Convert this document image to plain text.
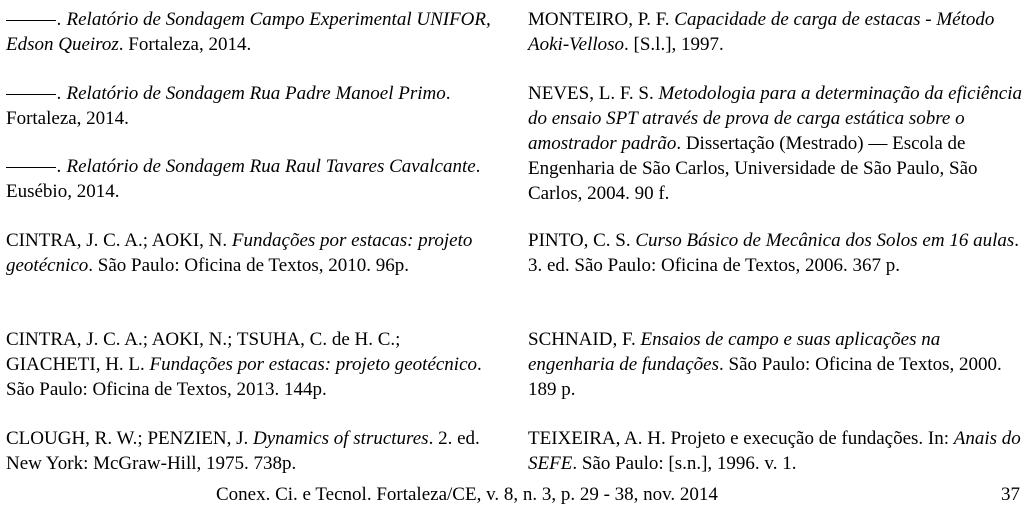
. Relatório de Sondagem Campo Experimental UNIFOR, Edson Queiroz. Fortaleza, 2014.

. Relatório de Sondagem Rua Padre Manoel Primo. Fortaleza, 2014.

. Relatório de Sondagem Rua Raul Tavares Cavalcante. Eusébio, 2014.

CINTRA, J. C. A.; AOKI, N. Fundações por estacas: projeto geotécnico. São Paulo: Oficina de Textos, 2010. 96p.

CINTRA, J. C. A.; AOKI, N.; TSUHA, C. de H. C.; GIACHETI, H. L. Fundações por estacas: projeto geotécnico. São Paulo: Oficina de Textos, 2013. 144p.

CLOUGH, R. W.; PENZIEN, J. Dynamics of structures. 2. ed. New York: McGraw-Hill, 1975. 738p.

MONTEIRO, P. F. Capacidade de carga de estacas - Método Aoki-Velloso. [S.l.], 1997.

NEVES, L. F. S. Metodologia para a determinação da eficiência do ensaio SPT através de prova de carga estática sobre o amostrador padrão. Dissertação (Mestrado) — Escola de Engenharia de São Carlos, Universidade de São Paulo, São Carlos, 2004. 90 f.

PINTO, C. S. Curso Básico de Mecânica dos Solos em 16 aulas. 3. ed. São Paulo: Oficina de Textos, 2006. 367 p.

SCHNAID, F. Ensaios de campo e suas aplicações na engenharia de fundações. São Paulo: Oficina de Textos, 2000. 189 p.

TEIXEIRA, A. H. Projeto e execução de fundações. In: Anais do SEFE. São Paulo: [s.n.], 1996. v. 1.

Conex. Ci. e Tecnol. Fortaleza/CE, v. 8, n. 3, p. 29 - 38, nov. 2014	37
